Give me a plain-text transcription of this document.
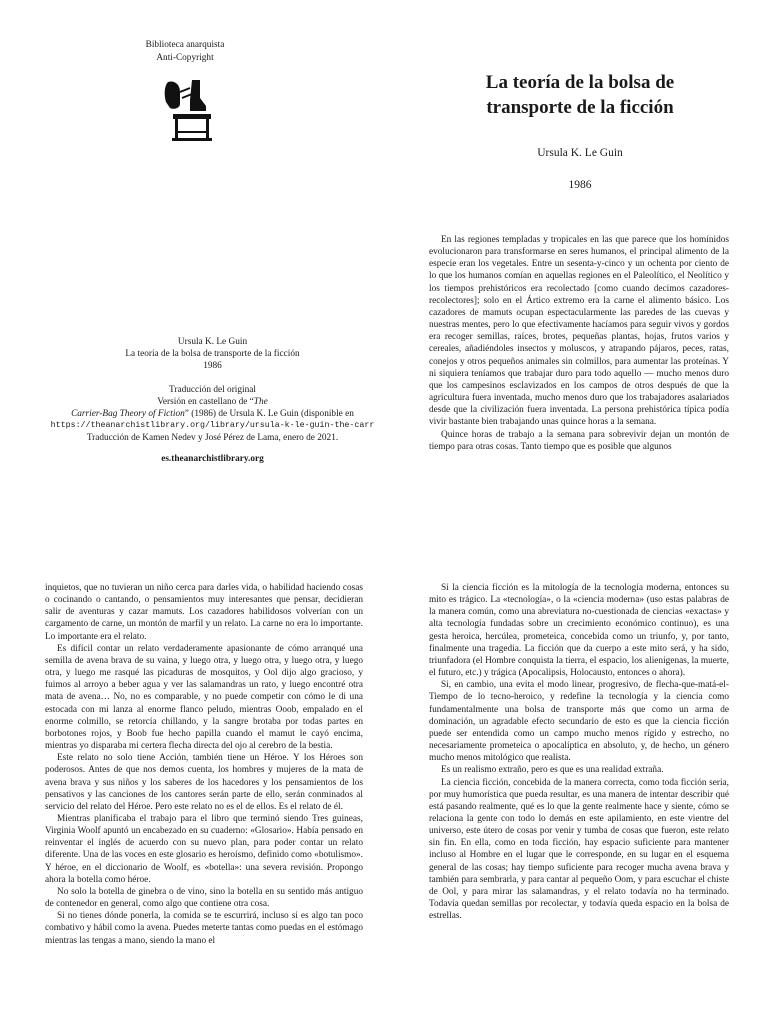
Biblioteca anarquista
Anti-Copyright
La teoría de la bolsa de
transporte de la ficción
Ursula K. Le Guin
1986
Ursula K. Le Guin
La teoría de la bolsa de transporte de la ficción
1986
Traducción del original
Versión en castellano de “The
Carrier-Bag Theory of Fiction” (1986) de Ursula K. Le Guin (disponible en
https://theanarchistlibrary.org/library/ursula-k-le-guin-the-carr
Traducción de Kamen Nedev y José Pérez de Lama, enero de 2021.
es.theanarchistlibrary.org

En las regiones templadas y tropicales en las que parece que los homínidos evolucionaron para transformarse en seres humanos, el principal alimento de la especie eran los vegetales. Entre un sesenta-y-cinco y un ochenta por ciento de lo que los humanos comían en aquellas regiones en el Paleolítico, el Neolítico y los tiempos prehistóricos era recolectado [como cuando decimos cazadores-recolectores]; solo en el Ártico extremo era la carne el alimento básico. Los cazadores de mamuts ocupan espectacularmente las paredes de las cuevas y nuestras mentes, pero lo que efectivamente hacíamos para seguir vivos y gordos era recoger semillas, raíces, brotes, pequeñas plantas, hojas, frutos varios y cereales, añadiéndoles insectos y moluscos, y atrapando pájaros, peces, ratas, conejos y otros pequeños animales sin colmillos, para aumentar las proteínas. Y ni siquiera teníamos que trabajar duro para todo aquello — mucho menos duro que los campesinos esclavizados en los campos de otros después de que la agricultura fuera inventada, mucho menos duro que los trabajadores asalariados desde que la civilización fuera inventada. La persona prehistórica típica podía vivir bastante bien trabajando unas quince horas a la semana.

Quince horas de trabajo a la semana para sobrevivir dejan un montón de tiempo para otras cosas. Tanto tiempo que es posible que algunos

inquietos, que no tuvieran un niño cerca para darles vida, o habilidad haciendo cosas o cocinando o cantando, o pensamientos muy interesantes que pensar, decidieran salir de aventuras y cazar mamuts. Los cazadores habilidosos volverían con un cargamento de carne, un montón de marfil y un relato. La carne no era lo importante. Lo importante era el relato.

Es difícil contar un relato verdaderamente apasionante de cómo arranqué una semilla de avena brava de su vaina, y luego otra, y luego otra, y luego otra, y luego otra, y luego me rasqué las picaduras de mosquitos, y Ool dijo algo gracioso, y fuimos al arroyo a beber agua y ver las salamandras un rato, y luego encontré otra mata de avena… No, no es comparable, y no puede competir con cómo le di una estocada con mi lanza al enorme flanco peludo, mientras Ooob, empalado en el enorme colmillo, se retorcía chillando, y la sangre brotaba por todas partes en borbotones rojos, y Boob fue hecho papilla cuando el mamut le cayó encima, mientras yo disparaba mi certera flecha directa del ojo al cerebro de la bestia.

Este relato no solo tiene Acción, también tiene un Héroe. Y los Héroes son poderosos. Antes de que nos demos cuenta, los hombres y mujeres de la mata de avena brava y sus niños y los saberes de los hacedores y los pensamientos de los pensativos y las canciones de los cantores serán parte de ello, serán conminados al servicio del relato del Héroe. Pero este relato no es el de ellos. Es el relato de él.

Mientras planificaba el trabajo para el libro que terminó siendo Tres guineas, Virginia Woolf apuntó un encabezado en su cuaderno: «Glosario». Había pensado en reinventar el inglés de acuerdo con su nuevo plan, para poder contar un relato diferente. Una de las voces en este glosario es heroísmo, definido como «botulismo». Y héroe, en el diccionario de Woolf, es «botella»: una severa revisión. Propongo ahora la botella como héroe.

No solo la botella de ginebra o de vino, sino la botella en su sentido más antiguo de contenedor en general, como algo que contiene otra cosa.

Si no tienes dónde ponerla, la comida se te escurrirá, incluso si es algo tan poco combativo y hábil como la avena. Puedes meterte tantas como puedas en el estómago mientras las tengas a mano, siendo la mano el

Si la ciencia ficción es la mitología de la tecnología moderna, entonces su mito es trágico. La «tecnología», o la «ciencia moderna» (uso estas palabras de la manera común, como una abreviatura no-cuestionada de ciencias «exactas» y alta tecnología fundadas sobre un crecimiento económico continuo), es una gesta heroica, hercúlea, prometeica, concebida como un triunfo, y, por tanto, finalmente una tragedia. La ficción que da cuerpo a este mito será, y ha sido, triunfadora (el Hombre conquista la tierra, el espacio, los alienígenas, la muerte, el futuro, etc.) y trágica (Apocalipsis, Holocausto, entonces o ahora).

Si, en cambio, una evita el modo linear, progresivo, de flecha-que-matá-el-Tiempo de lo tecno-heroico, y redefine la tecnología y la ciencia como fundamentalmente una bolsa de transporte más que como un arma de dominación, un agradable efecto secundario de esto es que la ciencia ficción puede ser entendida como un campo mucho menos rígido y estrecho, no necesariamente prometeica o apocalíptica en absoluto, y, de hecho, un género mucho menos mitológico que realista.

Es un realismo extraño, pero es que es una realidad extraña.

La ciencia ficción, concebida de la manera correcta, como toda ficción seria, por muy humorística que pueda resultar, es una manera de intentar describir qué está pasando realmente, qué es lo que la gente realmente hace y siente, cómo se relaciona la gente con todo lo demás en este apilamiento, en este vientre del universo, este útero de cosas por venir y tumba de cosas que fueron, este relato sin fin. En ella, como en toda ficción, hay espacio suficiente para mantener incluso al Hombre en el lugar que le corresponde, en su lugar en el esquema general de las cosas; hay tiempo suficiente para recoger mucha avena brava y también para sembrarla, y para cantar al pequeño Oom, y para escuchar el chiste de Ool, y para mirar las salamandras, y el relato todavía no ha terminado. Todavía quedan semillas por recolectar, y todavía queda espacio en la bolsa de estrellas.
